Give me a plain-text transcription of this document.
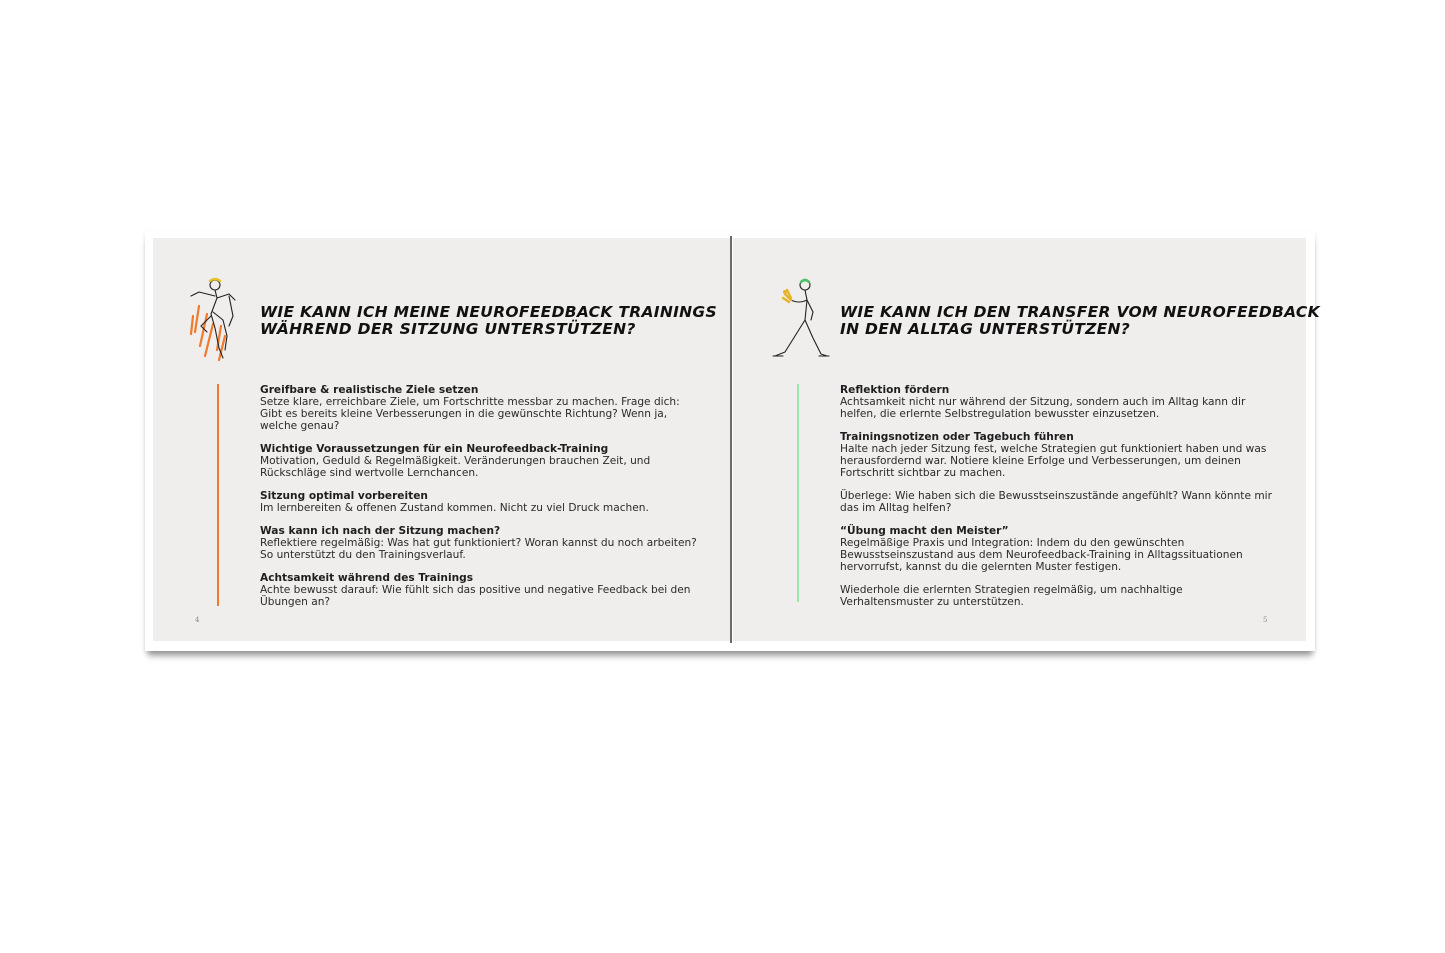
WIE KANN ICH MEINE NEUROFEEDBACK TRAININGS
WÄHREND DER SITZUNG UNTERSTÜTZEN?
Greifbare & realistische Ziele setzen
Setze klare, erreichbare Ziele, um Fortschritte messbar zu machen. Frage dich: Gibt es bereits kleine Verbesserungen in die gewünschte Richtung? Wenn ja, welche genau?
Wichtige Voraussetzungen für ein Neurofeedback-Training
Motivation, Geduld & Regelmäßigkeit. Veränderungen brauchen Zeit, und Rückschläge sind wertvolle Lernchancen.
Sitzung optimal vorbereiten
Im lernbereiten & offenen Zustand kommen. Nicht zu viel Druck machen.
Was kann ich nach der Sitzung machen?
Reflektiere regelmäßig: Was hat gut funktioniert? Woran kannst du noch arbeiten? So unterstützt du den Trainingsverlauf.
Achtsamkeit während des Trainings
Achte bewusst darauf: Wie fühlt sich das positive und negative Feedback bei den Übungen an?
4
WIE KANN ICH DEN TRANSFER VOM NEUROFEEDBACK
IN DEN ALLTAG UNTERSTÜTZEN?
Reflektion fördern
Achtsamkeit nicht nur während der Sitzung, sondern auch im Alltag kann dir helfen, die erlernte Selbstregulation bewusster einzusetzen.
Trainingsnotizen oder Tagebuch führen
Halte nach jeder Sitzung fest, welche Strategien gut funktioniert haben und was herausfordernd war. Notiere kleine Erfolge und Verbesserungen, um deinen Fortschritt sichtbar zu machen.
Überlege: Wie haben sich die Bewusstseinszustände angefühlt? Wann könnte mir das im Alltag helfen?
“Übung macht den Meister”
Regelmäßige Praxis und Integration: Indem du den gewünschten Bewusstseinszustand aus dem Neurofeedback-Training in Alltagssituationen hervorrufst, kannst du die gelernten Muster festigen.
Wiederhole die erlernten Strategien regelmäßig, um nachhaltige Verhaltensmuster zu unterstützen.
5
